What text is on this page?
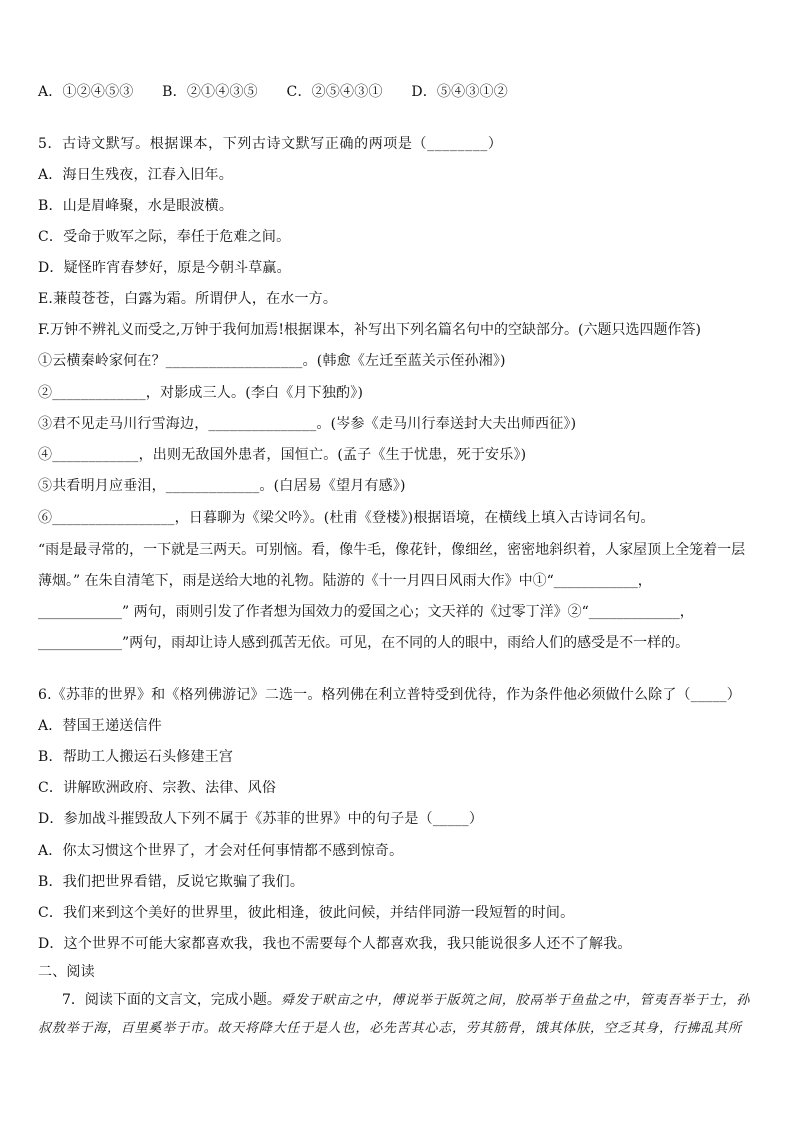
A．①②④⑤③ B．②①④③⑤ C．②⑤④③① D．⑤④③①②
5．古诗文默写。根据课本，下列古诗文默写正确的两项是（________）
A．海日生残夜，江春入旧年。
B．山是眉峰聚，水是眼波横。
C．受命于败军之际，奉任于危难之间。
D．疑怪昨宵春梦好，原是今朝斗草赢。
E.蒹葭苍苍，白露为霜。所谓伊人，在水一方。
F.万钟不辨礼义而受之,万钟于我何加焉!根据课本，补写出下列名篇名句中的空缺部分。(六题只选四题作答)
①云横秦岭家何在？___________________。(韩愈《左迁至蓝关示侄孙湘》)
②_____________，对影成三人。(李白《月下独酌》)
③君不见走马川行雪海边，_______________。(岑参《走马川行奉送封大夫出师西征》)
④____________，出则无敌国外患者，国恒亡。(孟子《生于忧患，死于安乐》)
⑤共看明月应垂泪，_____________。(白居易《望月有感》)
⑥_________________，日暮聊为《梁父吟》。(杜甫《登楼》)根据语境，在横线上填入古诗词名句。
“雨是最寻常的，一下就是三两天。可别恼。看，像牛毛，像花针，像细丝，密密地斜织着，人家屋顶上全笼着一层
薄烟。” 在朱自清笔下，雨是送给大地的礼物。陆游的《十一月四日风雨大作》中①“____________，
____________” 两句，雨则引发了作者想为国效力的爱国之心；文天祥的《过零丁洋》②“_____________，
____________”两句，雨却让诗人感到孤苦无依。可见，在不同的人的眼中，雨给人们的感受是不一样的。
6.《苏菲的世界》和《格列佛游记》二选一。格列佛在利立普特受到优待，作为条件他必须做什么除了（_____）
A．替国王递送信件
B．帮助工人搬运石头修建王宫
C．讲解欧洲政府、宗教、法律、风俗
D．参加战斗摧毁敌人下列不属于《苏菲的世界》中的句子是（_____）
A．你太习惯这个世界了，才会对任何事情都不感到惊奇。
B．我们把世界看错，反说它欺骗了我们。
C．我们来到这个美好的世界里，彼此相逢，彼此问候，并结伴同游一段短暂的时间。
D．这个世界不可能大家都喜欢我，我也不需要每个人都喜欢我，我只能说很多人还不了解我。
二、阅读
7．阅读下面的文言文，完成小题。舜发于畎亩之中，傅说举于版筑之间，胶鬲举于鱼盐之中，管夷吾举于士，孙
叔敖举于海，百里奚举于市。故天将降大任于是人也，必先苦其心志，劳其筋骨，饿其体肤，空乏其身，行拂乱其所
